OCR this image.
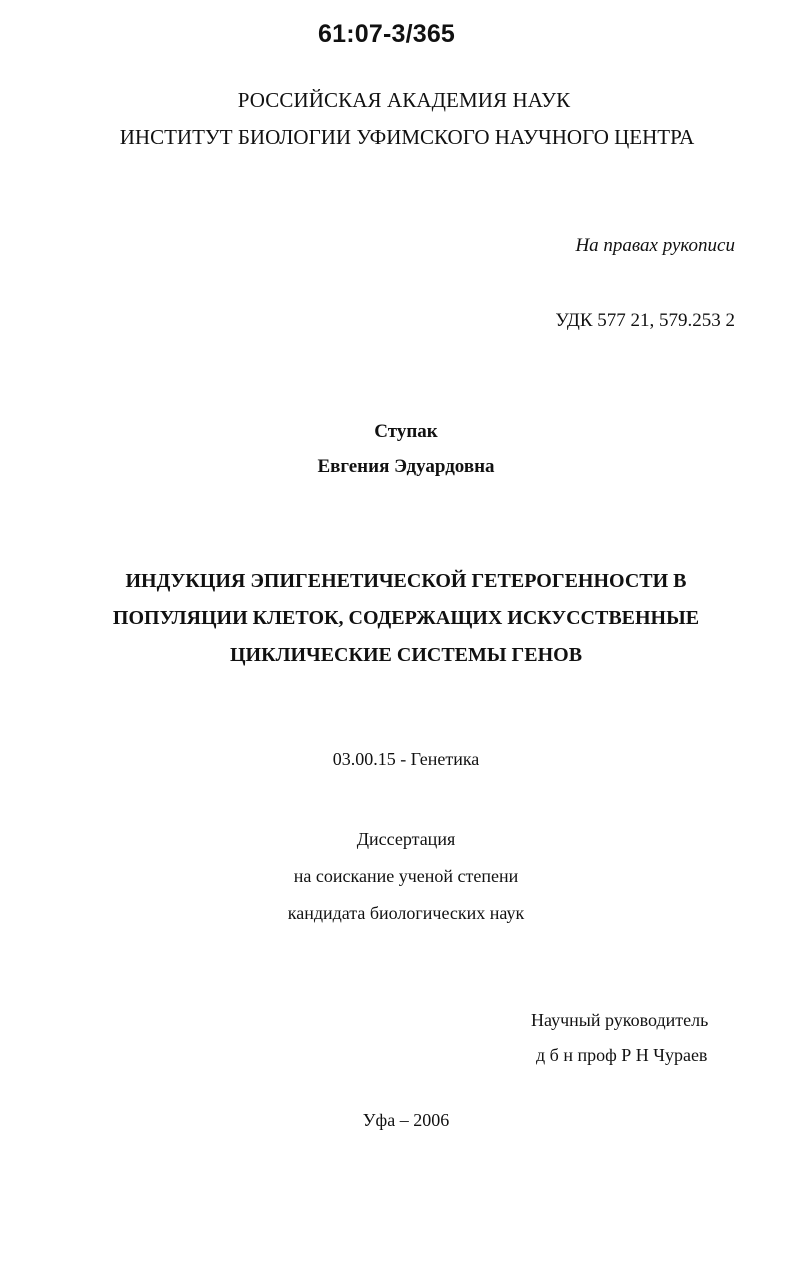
61:07-3/365
РОССИЙСКАЯ АКАДЕМИЯ НАУК
ИНСТИТУТ БИОЛОГИИ УФИМСКОГО НАУЧНОГО ЦЕНТРА
На правах рукописи
УДК 577 21, 579.253 2
Ступак
Евгения Эдуардовна
ИНДУКЦИЯ ЭПИГЕНЕТИЧЕСКОЙ ГЕТЕРОГЕННОСТИ В
ПОПУЛЯЦИИ КЛЕТОК, СОДЕРЖАЩИХ ИСКУССТВЕННЫЕ
ЦИКЛИЧЕСКИЕ СИСТЕМЫ ГЕНОВ
03.00.15 - Генетика
Диссертация
на соискание ученой степени
кандидата биологических наук
Научный руководитель
д б н проф Р Н Чураев
Уфа – 2006
